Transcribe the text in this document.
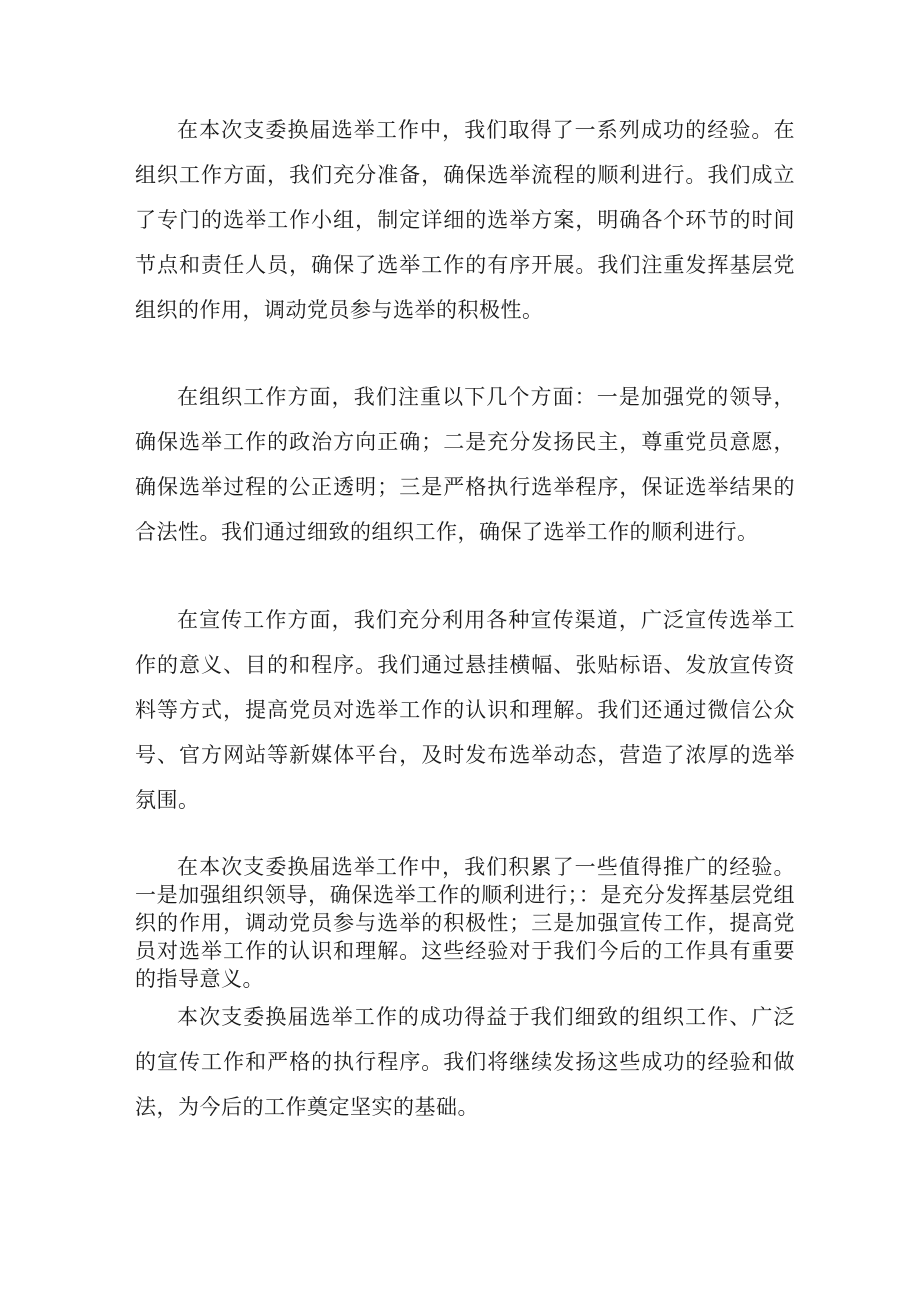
在本次支委换届选举工作中，我们取得了一系列成功的经验。在组织工作方面，我们充分准备，确保选举流程的顺利进行。我们成立了专门的选举工作小组，制定详细的选举方案，明确各个环节的时间节点和责任人员，确保了选举工作的有序开展。我们注重发挥基层党组织的作用，调动党员参与选举的积极性。

在组织工作方面，我们注重以下几个方面：一是加强党的领导，确保选举工作的政治方向正确；二是充分发扬民主，尊重党员意愿，确保选举过程的公正透明；三是严格执行选举程序，保证选举结果的合法性。我们通过细致的组织工作，确保了选举工作的顺利进行。

在宣传工作方面，我们充分利用各种宣传渠道，广泛宣传选举工作的意义、目的和程序。我们通过悬挂横幅、张贴标语、发放宣传资料等方式，提高党员对选举工作的认识和理解。我们还通过微信公众号、官方网站等新媒体平台，及时发布选举动态，营造了浓厚的选举氛围。

在本次支委换届选举工作中，我们积累了一些值得推广的经验。一是加强组织领导，确保选举工作的顺利进行；：是充分发挥基层党组织的作用，调动党员参与选举的积极性；三是加强宣传工作，提高党员对选举工作的认识和理解。这些经验对于我们今后的工作具有重要的指导意义。

本次支委换届选举工作的成功得益于我们细致的组织工作、广泛的宣传工作和严格的执行程序。我们将继续发扬这些成功的经验和做法，为今后的工作奠定坚实的基础。
